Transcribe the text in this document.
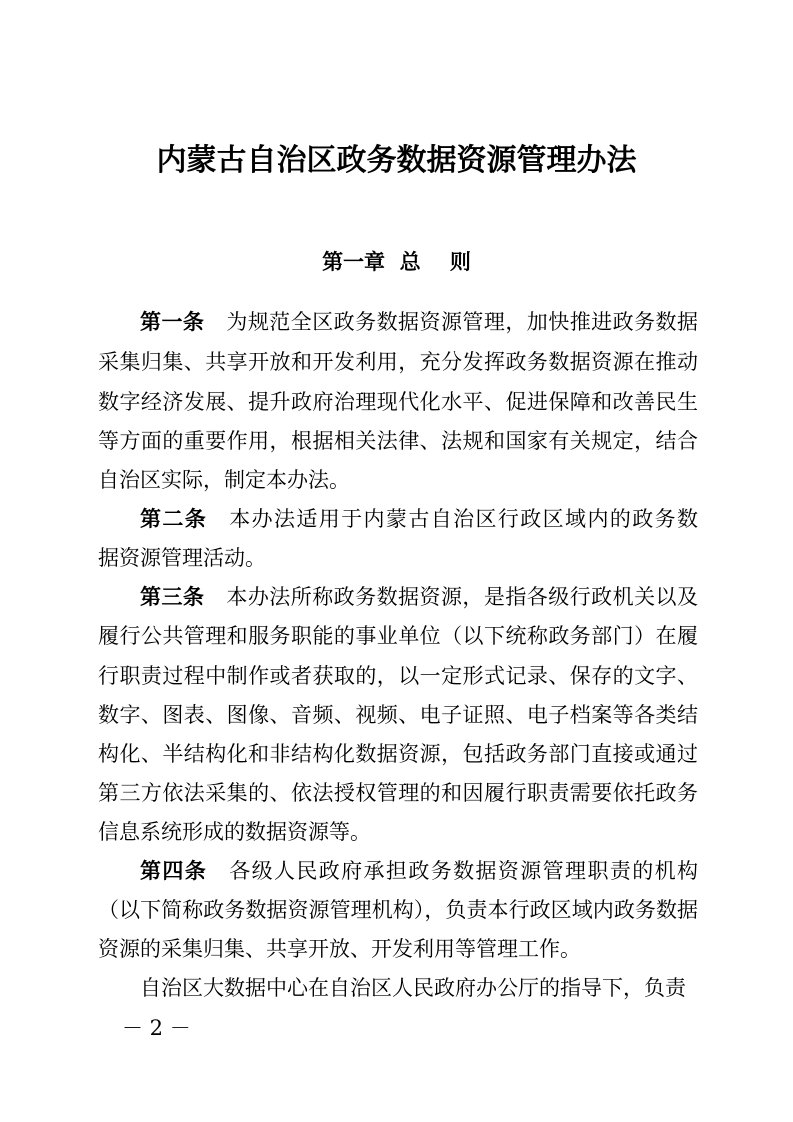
内蒙古自治区政务数据资源管理办法
第一章  总    则
第一条 为规范全区政务数据资源管理，加快推进政务数据
采集归集、共享开放和开发利用，充分发挥政务数据资源在推动
数字经济发展、提升政府治理现代化水平、促进保障和改善民生
等方面的重要作用，根据相关法律、法规和国家有关规定，结合
自治区实际，制定本办法。
第二条 本办法适用于内蒙古自治区行政区域内的政务数
据资源管理活动。
第三条 本办法所称政务数据资源，是指各级行政机关以及
履行公共管理和服务职能的事业单位（以下统称政务部门）在履
行职责过程中制作或者获取的，以一定形式记录、保存的文字、
数字、图表、图像、音频、视频、电子证照、电子档案等各类结
构化、半结构化和非结构化数据资源，包括政务部门直接或通过
第三方依法采集的、依法授权管理的和因履行职责需要依托政务
信息系统形成的数据资源等。
第四条 各级人民政府承担政务数据资源管理职责的机构
（以下简称政务数据资源管理机构），负责本行政区域内政务数据
资源的采集归集、共享开放、开发利用等管理工作。
自治区大数据中心在自治区人民政府办公厅的指导下，负责
－ 2 －
